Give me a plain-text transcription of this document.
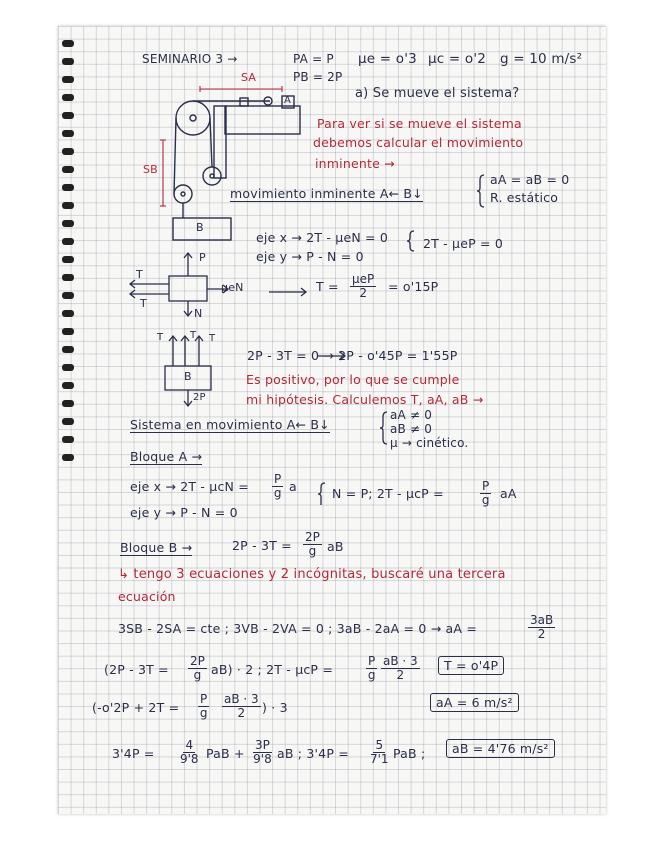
SEMINARIO 3 →	PA = P
PB = 2P
μe = o'3 μc = o'2 g = 10 m/s²
SA
SB
A
B
a) Se mueve el sistema?
Para ver si se mueve el sistema
debemos calcular el movimiento
inminente →
movimiento inminente A← B↓
aA = aB = 0
R. estático
T
T
P
N
μeN
eje x → 2T - μeN = 0
eje y → P - N = 0
2T - μeP = 0
T = μeP
2 = o'15P
T	T T
B
2P
2P - 3T = 0 → 2P - o'45P = 1'55P
Es positivo, por lo que se cumple
mi hipótesis. Calculemos T, aA, aB →
Sistema en movimiento A← B↓
aA ≠ 0
aB ≠ 0
μ → cinético.
Bloque A →
eje $x \to 2T - \mu cN = \frac{P}{g}$ a	N = P; 2T - μcP =	$\frac{P}{g}$ aA
eje y → P - N = 0
Bloque B →	$2P - 3T = \frac{2P}{g}$ aB
↳ tengo 3 ecuaciones y 2 incógnitas, buscaré una tercera
ecuación
3SB - 2SA = cte ; 3VB - 2VA = 0 ; 3aB - 2aA = 0 → aA =	$\frac{3aB}{2}$
$(2P - 3T = \frac{2P}{g} aB) \cdot 2$ ; 2T - μcP =	$\frac{P}{g} \frac{aB \cdot 3}{2}$	T = o'4P
($-o'2P + 2T = \frac{P}{g} \frac{aB \cdot 3}{2}$ ) · 3	aA = 6 m/s²
$3'4P = \frac{4}{9'8}$ PaB + $\frac{3P}{9'8}$ aB ; $3'4P = \frac{5}{7'1}$ PaB ;	aB = 4'76 m/s²
